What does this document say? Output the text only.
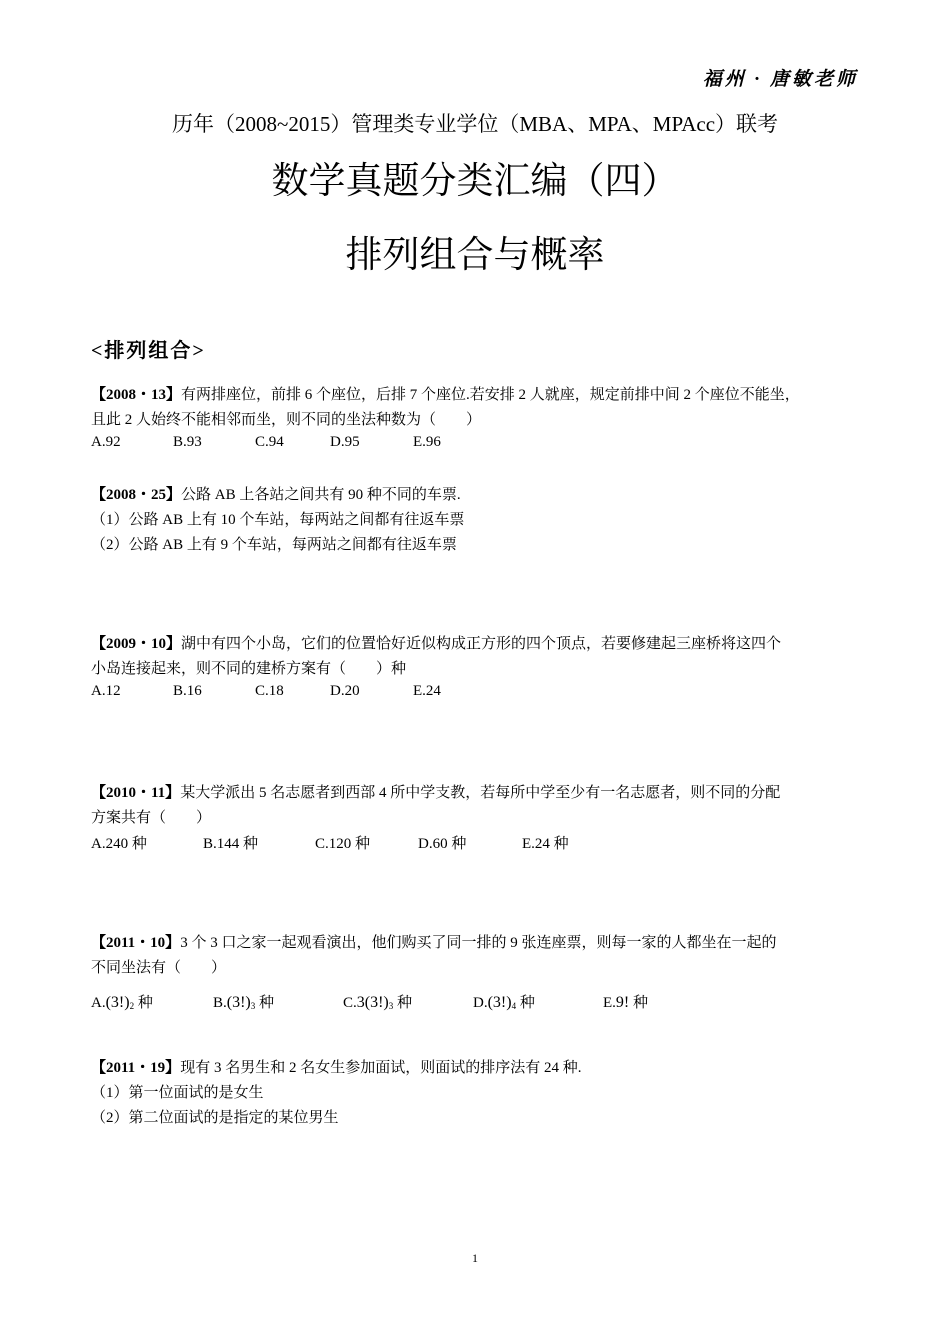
福州 · 唐敏老师
历年（2008~2015）管理类专业学位（MBA、MPA、MPAcc）联考
数学真题分类汇编（四）
排列组合与概率
<排列组合>
【2008・13】有两排座位，前排 6 个座位，后排 7 个座位.若安排 2 人就座，规定前排中间 2 个座位不能坐，
且此 2 人始终不能相邻而坐，则不同的坐法种数为（　　）
A.92	B.93	C.94	D.95	E.96
【2008・25】公路 AB 上各站之间共有 90 种不同的车票.
（1）公路 AB 上有 10 个车站，每两站之间都有往返车票
（2）公路 AB 上有 9 个车站，每两站之间都有往返车票
【2009・10】湖中有四个小岛，它们的位置恰好近似构成正方形的四个顶点，若要修建起三座桥将这四个
小岛连接起来，则不同的建桥方案有（　　）种
A.12	B.16	C.18	D.20	E.24
【2010・11】某大学派出 5 名志愿者到西部 4 所中学支教，若每所中学至少有一名志愿者，则不同的分配
方案共有（　　）
A.240 种	B.144 种	C.120 种	D.60 种	E.24 种
【2011・10】3 个 3 口之家一起观看演出，他们购买了同一排的 9 张连座票，则每一家的人都坐在一起的
不同坐法有（　　）
$A.(3!)^2$ 种	$B.(3!)^3$ 种	$C.3(3!)^3$ 种	$D.(3!)^4$ 种	E.9! 种
【2011・19】现有 3 名男生和 2 名女生参加面试，则面试的排序法有 24 种.
（1）第一位面试的是女生
（2）第二位面试的是指定的某位男生
1
